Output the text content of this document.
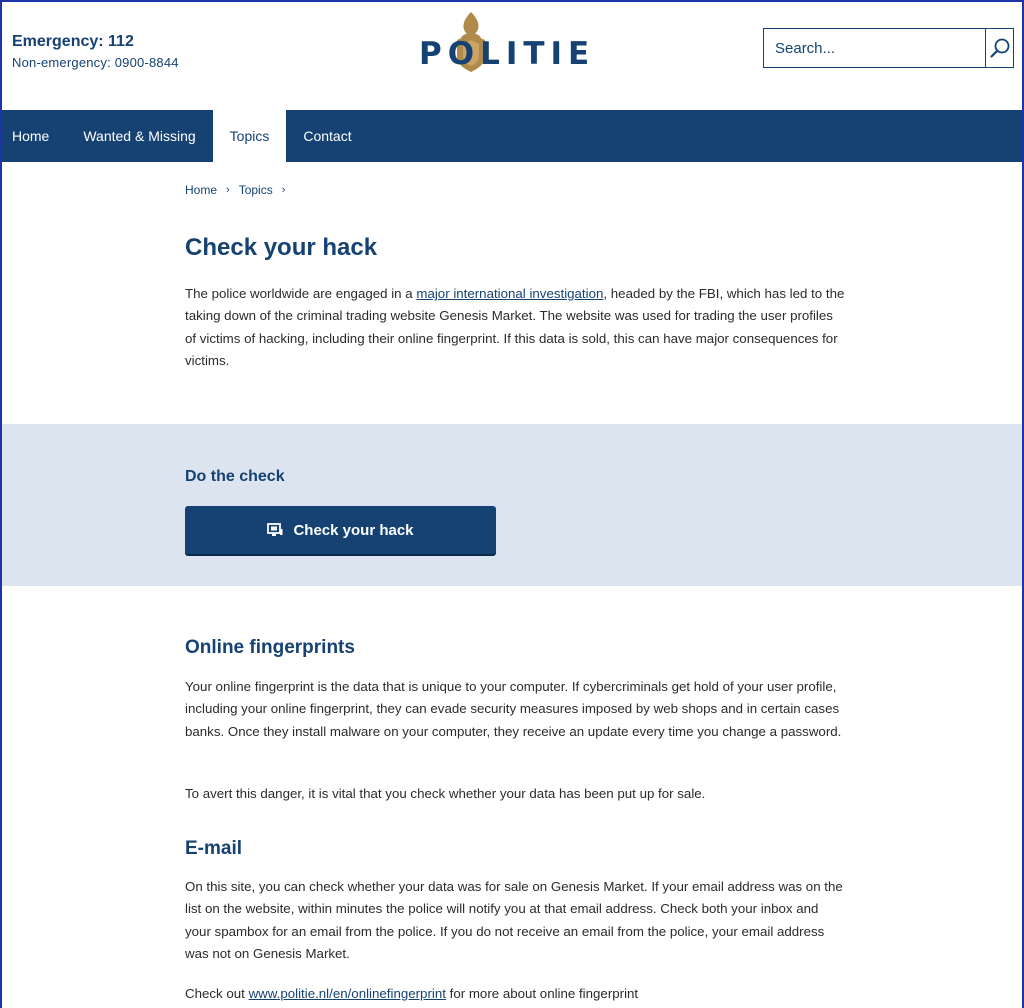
Emergency: 112
Non-emergency: 0900-8844	POLITIE
Search...
Home	Wanted & Missing	Topics	Contact
Home › Topics ›
Check your hack

The police worldwide are engaged in a major international investigation, headed by the FBI, which has led to the taking down of the criminal trading website Genesis Market. The website was used for trading the user profiles of victims of hacking, including their online fingerprint. If this data is sold, this can have major consequences for victims.

Do the check
Check your hack
Online fingerprints

Your online fingerprint is the data that is unique to your computer. If cybercriminals get hold of your user profile, including your online fingerprint, they can evade security measures imposed by web shops and in certain cases banks. Once they install malware on your computer, they receive an update every time you change a password.

To avert this danger, it is vital that you check whether your data has been put up for sale.

E-mail

On this site, you can check whether your data was for sale on Genesis Market. If your email address was on the list on the website, within minutes the police will notify you at that email address. Check both your inbox and your spambox for an email from the police. If you do not receive an email from the police, your email address was not on Genesis Market.

Check out www.politie.nl/en/onlinefingerprint for more about online fingerprint
